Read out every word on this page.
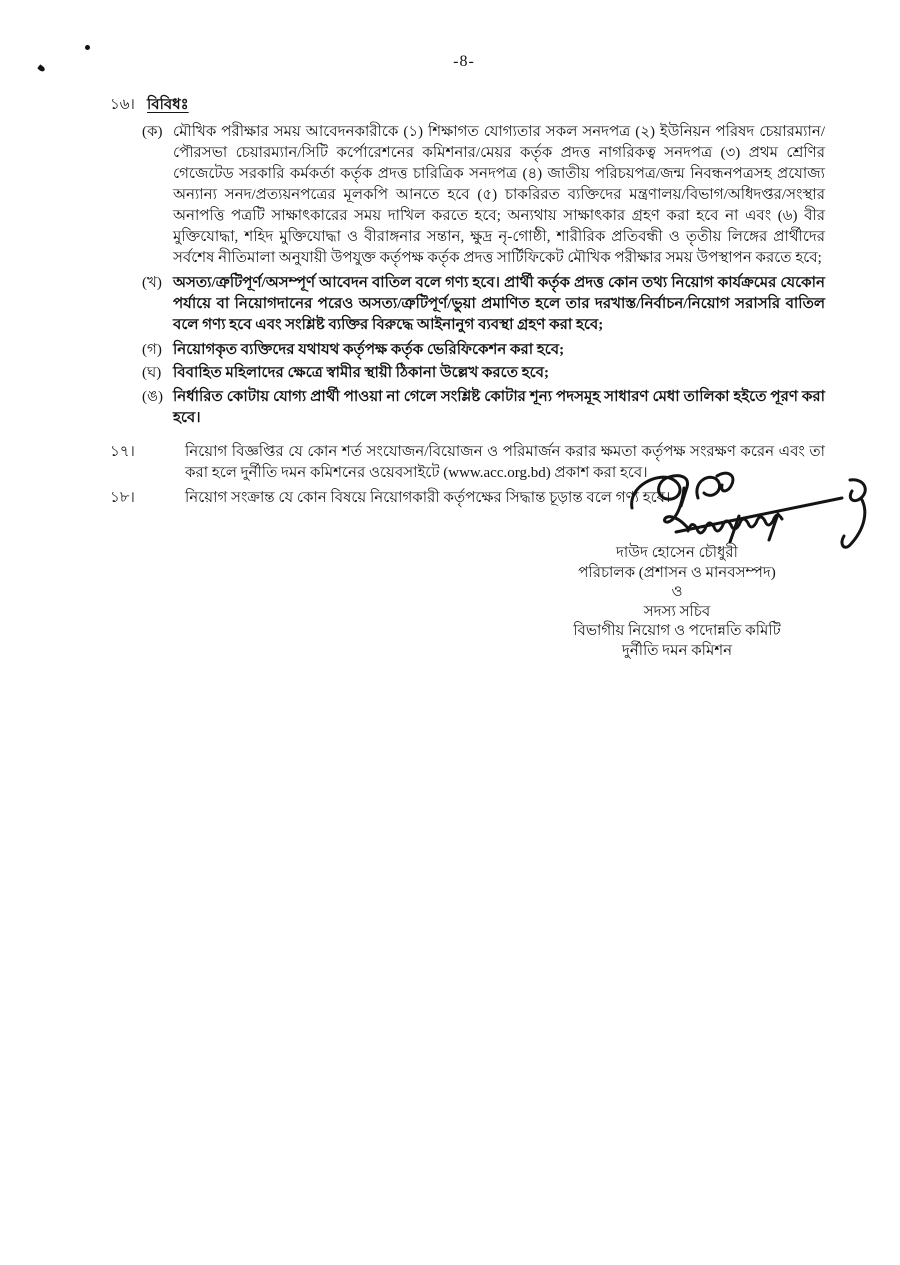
-8-
১৬। বিবিধঃ
(ক) মৌখিক পরীক্ষার সময় আবেদনকারীকে (১) শিক্ষাগত যোগ্যতার সকল সনদপত্র (২) ইউনিয়ন পরিষদ চেয়ারম্যান/পৌরসভা চেয়ারম্যান/সিটি কর্পোরেশনের কমিশনার/মেয়র কর্তৃক প্রদত্ত নাগরিকত্ব সনদপত্র (৩) প্রথম শ্রেণির গেজেটেড সরকারি কর্মকর্তা কর্তৃক প্রদত্ত চারিত্রিক সনদপত্র (৪) জাতীয় পরিচয়পত্র/জন্ম নিবন্ধনপত্রসহ প্রযোজ্য অন্যান্য সনদ/প্রত্যয়নপত্রের মূলকপি আনতে হবে (৫) চাকরিরত ব্যক্তিদের মন্ত্রণালয়/বিভাগ/অধিদপ্তর/সংস্থার অনাপত্তি পত্রটি সাক্ষাৎকারের সময় দাখিল করতে হবে; অন্যথায় সাক্ষাৎকার গ্রহণ করা হবে না এবং (৬) বীর মুক্তিযোদ্ধা, শহিদ মুক্তিযোদ্ধা ও বীরাঙ্গনার সন্তান, ক্ষুদ্র নৃ-গোষ্ঠী, শারীরিক প্রতিবন্ধী ও তৃতীয় লিঙ্গের প্রার্থীদের সর্বশেষ নীতিমালা অনুযায়ী উপযুক্ত কর্তৃপক্ষ কর্তৃক প্রদত্ত সার্টিফিকেট মৌখিক পরীক্ষার সময় উপস্থাপন করতে হবে;
(খ) অসত্য/ত্রুটিপূর্ণ/অসম্পূর্ণ আবেদন বাতিল বলে গণ্য হবে। প্রার্থী কর্তৃক প্রদত্ত কোন তথ্য নিয়োগ কার্যক্রমের যেকোন পর্যায়ে বা নিয়োগদানের পরেও অসত্য/ত্রুটিপূর্ণ/ভুয়া প্রমাণিত হলে তার দরখাস্ত/নির্বাচন/নিয়োগ সরাসরি বাতিল বলে গণ্য হবে এবং সংশ্লিষ্ট ব্যক্তির বিরুদ্ধে আইনানুগ ব্যবস্থা গ্রহণ করা হবে;
(গ) নিয়োগকৃত ব্যক্তিদের যথাযথ কর্তৃপক্ষ কর্তৃক ভেরিফিকেশন করা হবে;
(ঘ) বিবাহিত মহিলাদের ক্ষেত্রে স্বামীর স্থায়ী ঠিকানা উল্লেখ করতে হবে;
(ঙ) নির্ধারিত কোটায় যোগ্য প্রার্থী পাওয়া না গেলে সংশ্লিষ্ট কোটার শূন্য পদসমূহ সাধারণ মেধা তালিকা হইতে পূরণ করা হবে।
১৭।	নিয়োগ বিজ্ঞপ্তির যে কোন শর্ত সংযোজন/বিয়োজন ও পরিমার্জন করার ক্ষমতা কর্তৃপক্ষ সংরক্ষণ করেন এবং তা করা হলে দুর্নীতি দমন কমিশনের ওয়েবসাইটে (www.acc.org.bd) প্রকাশ করা হবে।
১৮।	নিয়োগ সংক্রান্ত যে কোন বিষয়ে নিয়োগকারী কর্তৃপক্ষের সিদ্ধান্ত চূড়ান্ত বলে গণ্য হবে।
দাউদ হোসেন চৌধুরী
পরিচালক (প্রশাসন ও মানবসম্পদ)
ও
সদস্য সচিব
বিভাগীয় নিয়োগ ও পদোন্নতি কমিটি
দুর্নীতি দমন কমিশন
